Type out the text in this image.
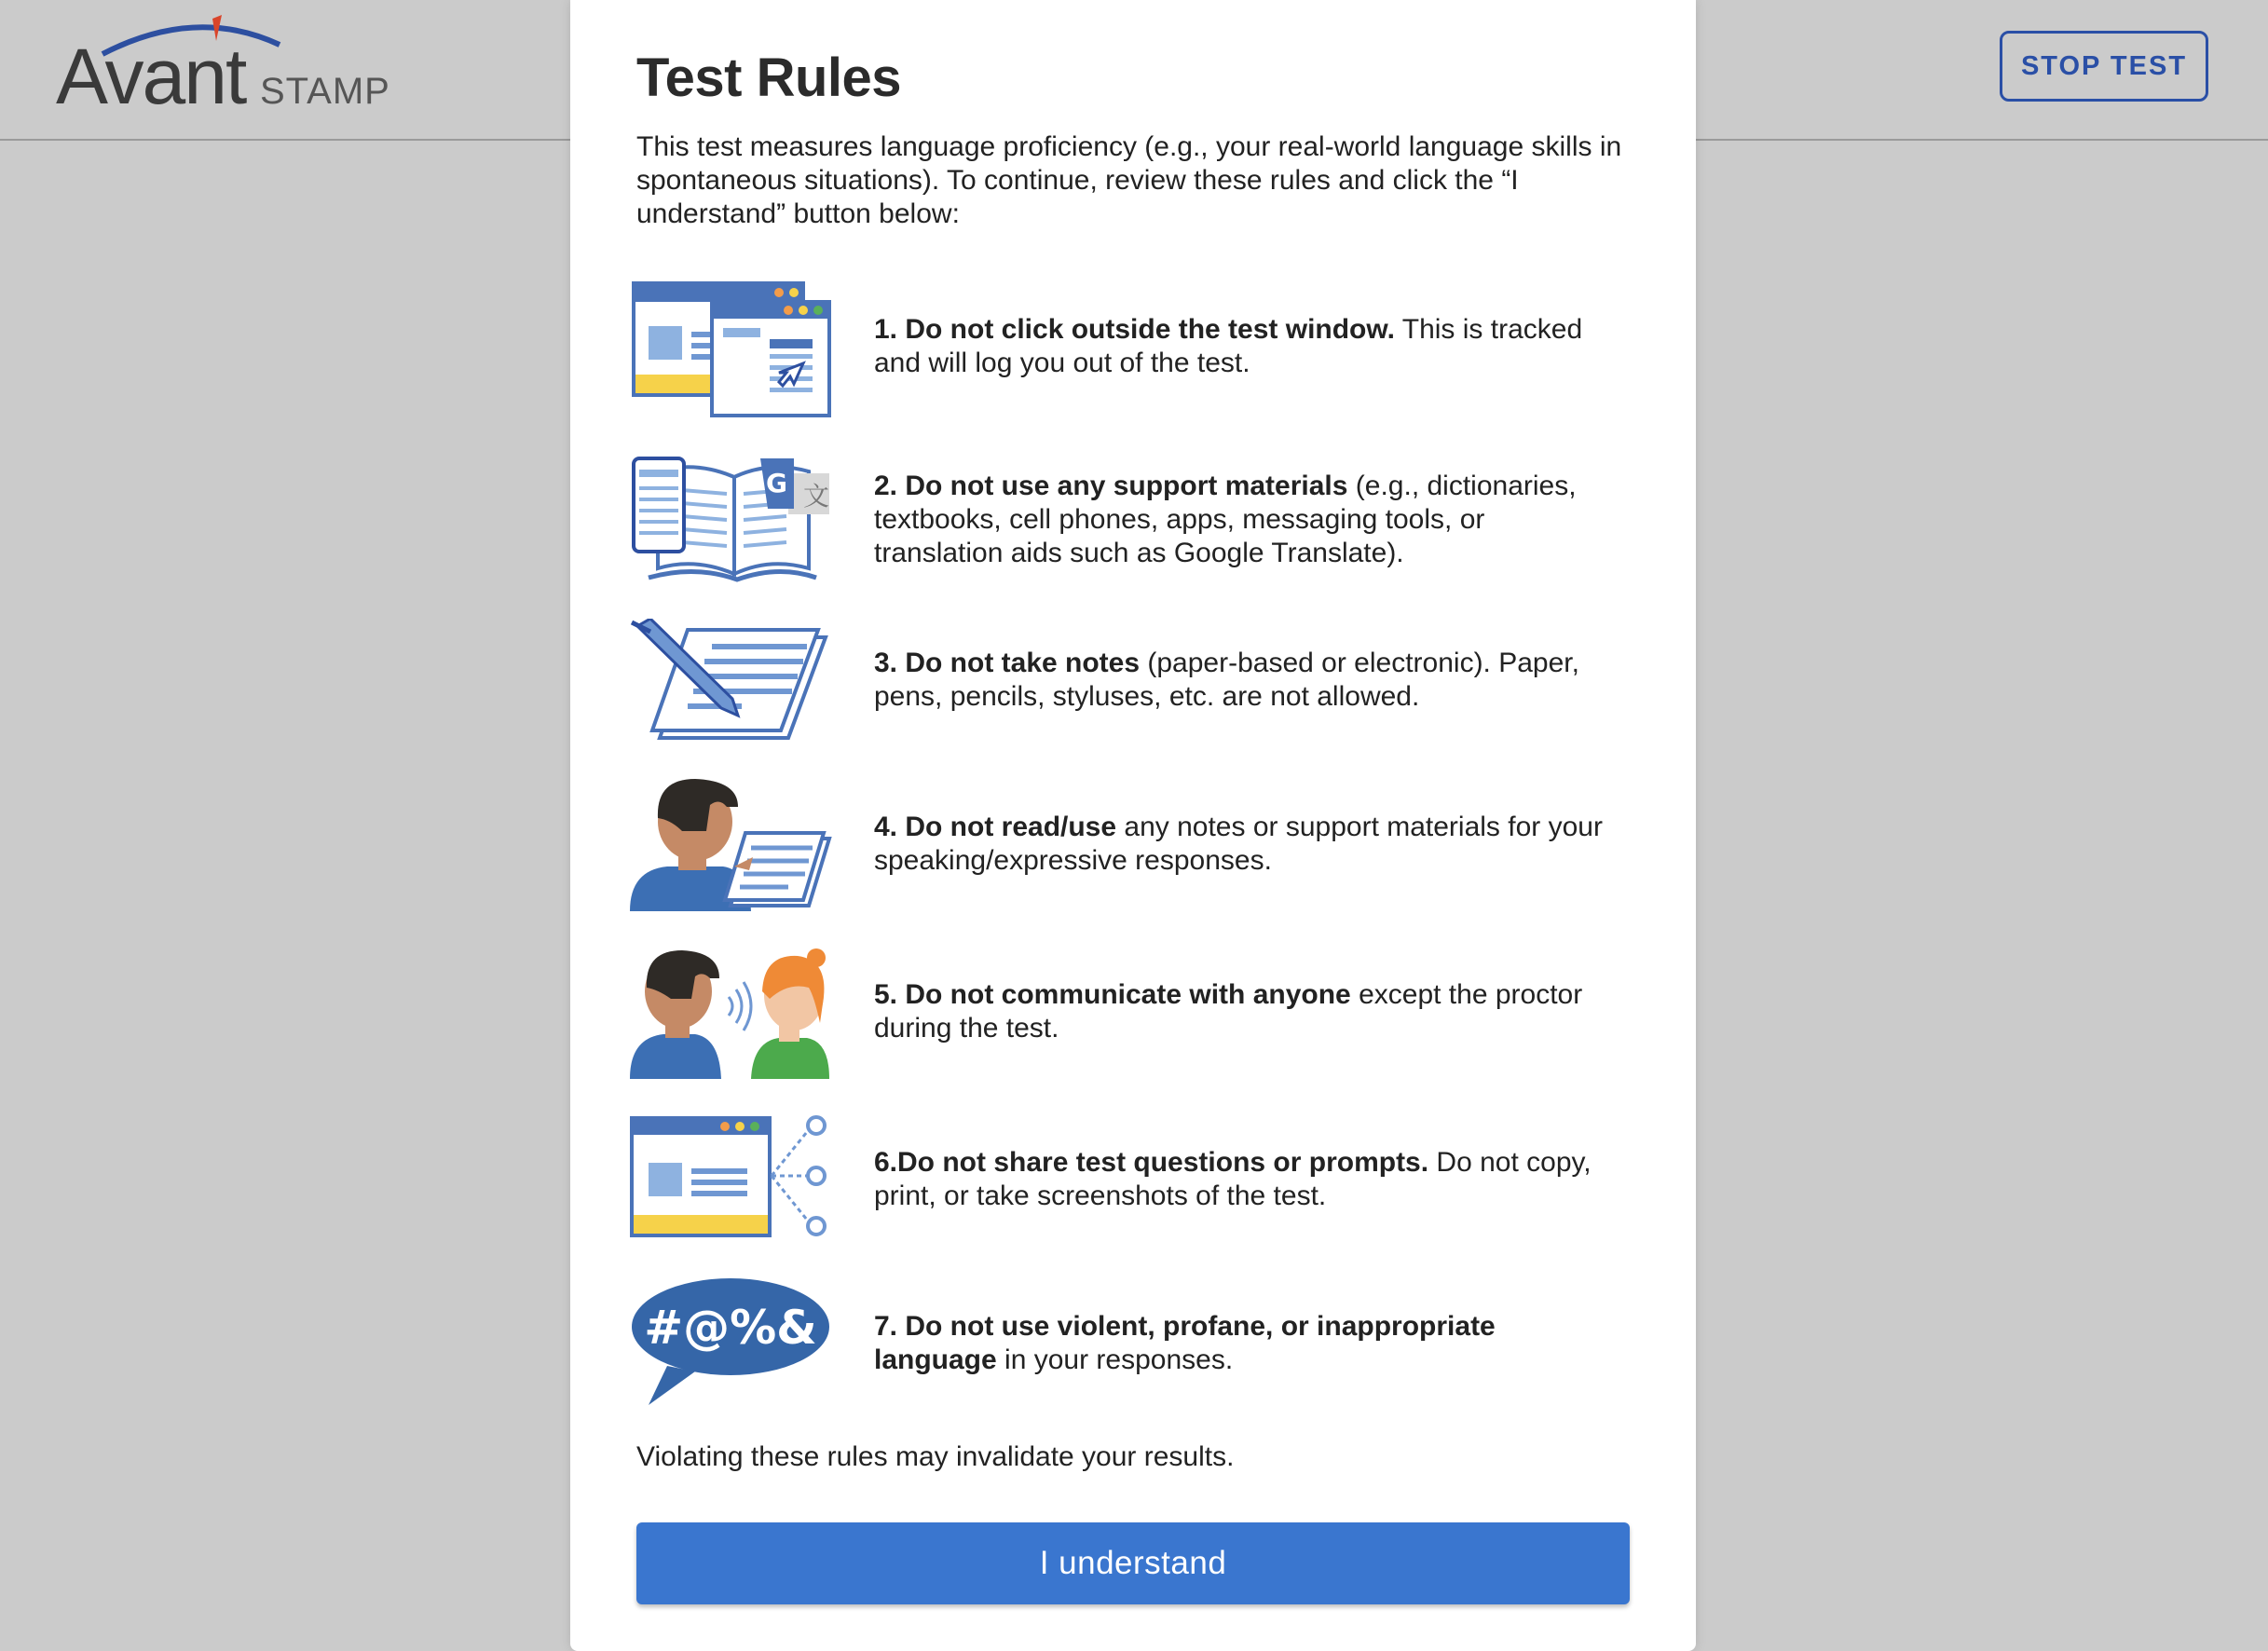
Avant STAMP
STOP TEST
Test Rules

This test measures language proficiency (e.g., your real-world language skills in spontaneous situations). To continue, review these rules and click the “I understand” button below:

1. Do not click outside the test window. This is tracked and will log you out of the test.

文
G	2. Do not use any support materials (e.g., dictionaries, textbooks, cell phones, apps, messaging tools, or translation aids such as Google Translate).

3. Do not take notes (paper-based or electronic). Paper, pens, pencils, styluses, etc. are not allowed.

4. Do not read/use any notes or support materials for your speaking/expressive responses.

5. Do not communicate with anyone except the proctor during the test.

6.Do not share test questions or prompts. Do not copy, print, or take screenshots of the test.

#@%& 7. Do not use violent, profane, or inappropriate language in your responses.

Violating these rules may invalidate your results.

I understand
